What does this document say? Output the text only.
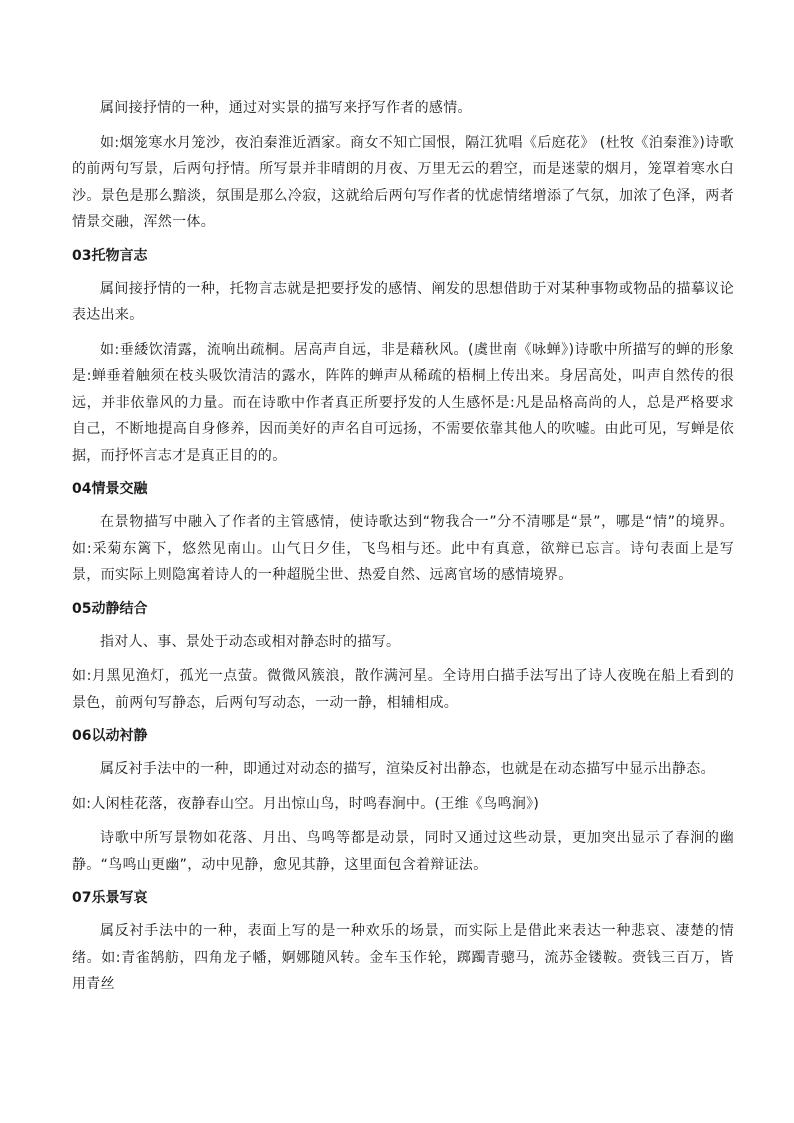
属间接抒情的一种，通过对实景的描写来抒写作者的感情。

如:烟笼寒水月笼沙，夜泊秦淮近酒家。商女不知亡国恨，隔江犹唱《后庭花》 (杜牧《泊秦淮》)诗歌的前两句写景，后两句抒情。所写景并非晴朗的月夜、万里无云的碧空，而是迷蒙的烟月，笼罩着寒水白沙。景色是那么黯淡，氛围是那么冷寂，这就给后两句写作者的忧虑情绪增添了气氛，加浓了色泽，两者情景交融，浑然一体。

03托物言志

属间接抒情的一种，托物言志就是把要抒发的感情、阐发的思想借助于对某种事物或物品的描摹议论表达出来。

如:垂緌饮清露，流响出疏桐。居高声自远，非是藉秋风。(虞世南《咏蝉》)诗歌中所描写的蝉的形象是:蝉垂着触须在枝头吸饮清洁的露水，阵阵的蝉声从稀疏的梧桐上传出来。身居高处，叫声自然传的很远，并非依靠风的力量。而在诗歌中作者真正所要抒发的人生感怀是:凡是品格高尚的人，总是严格要求自己，不断地提高自身修养，因而美好的声名自可远扬，不需要依靠其他人的吹嘘。由此可见，写蝉是依据，而抒怀言志才是真正目的的。

04情景交融

在景物描写中融入了作者的主管感情，使诗歌达到“物我合一”分不清哪是“景”，哪是“情”的境界。如:采菊东篱下，悠然见南山。山气日夕佳，飞鸟相与还。此中有真意，欲辩已忘言。诗句表面上是写景，而实际上则隐寓着诗人的一种超脱尘世、热爱自然、远离官场的感情境界。

05动静结合

指对人、事、景处于动态或相对静态时的描写。

如:月黑见渔灯，孤光一点萤。微微风簇浪，散作满河星。全诗用白描手法写出了诗人夜晚在船上看到的景色，前两句写静态，后两句写动态，一动一静，相辅相成。

06以动衬静

属反衬手法中的一种，即通过对动态的描写，渲染反衬出静态，也就是在动态描写中显示出静态。

如:人闲桂花落，夜静春山空。月出惊山鸟，时鸣春涧中。(王维《鸟鸣涧》)

诗歌中所写景物如花落、月出、鸟鸣等都是动景，同时又通过这些动景，更加突出显示了春涧的幽静。“鸟鸣山更幽”，动中见静，愈见其静，这里面包含着辩证法。

07乐景写哀

属反衬手法中的一种，表面上写的是一种欢乐的场景，而实际上是借此来表达一种悲哀、凄楚的情绪。如:青雀鹄舫，四角龙子幡，婀娜随风转。金车玉作轮，踯躅青骢马，流苏金镂鞍。赍钱三百万，皆用青丝
